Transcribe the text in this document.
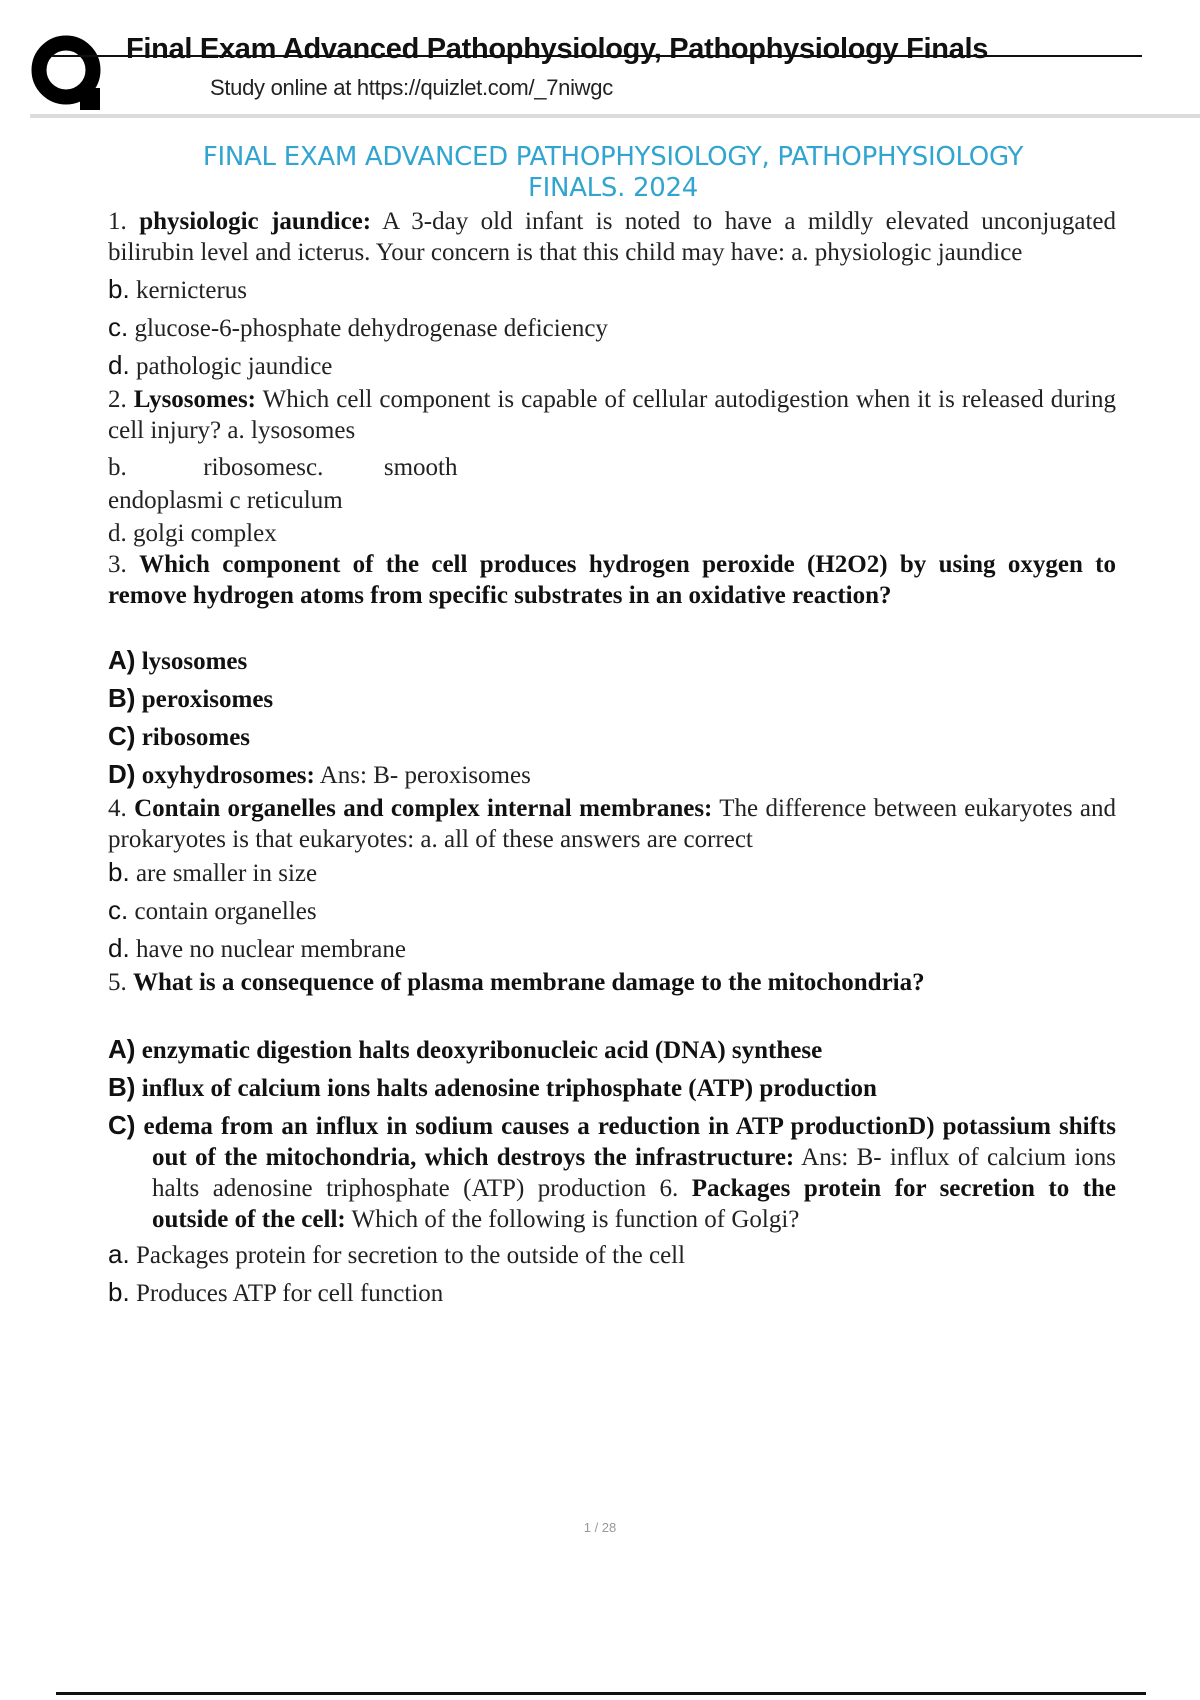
Final Exam Advanced Pathophysiology, Pathophysiology Finals
Study online at https://quizlet.com/_7niwgc
FINAL EXAM ADVANCED PATHOPHYSIOLOGY, PATHOPHYSIOLOGY
FINALS. 2024

1. physiologic jaundice: A 3-day old infant is noted to have a mildly elevated unconjugated bilirubin level and icterus. Your concern is that this child may have: a. physiologic jaundice

b. kernicterus

c. glucose-6-phosphate dehydrogenase deficiency

d. pathologic jaundice

2. Lysosomes: Which cell component is capable of cellular autodigestion when it is released during cell injury? a. lysosomes

b.	ribosomesc. smooth

endoplasmi c reticulum

d. golgi complex

3. Which component of the cell produces hydrogen peroxide (H2O2) by using oxygen to remove hydrogen atoms from specific substrates in an oxidative reaction?

A) lysosomes

B) peroxisomes

C) ribosomes

D) oxyhydrosomes: Ans: B- peroxisomes

4. Contain organelles and complex internal membranes: The difference between eukaryotes and prokaryotes is that eukaryotes: a. all of these answers are correct

b. are smaller in size

c. contain organelles

d. have no nuclear membrane

5. What is a consequence of plasma membrane damage to the mitochondria?

A) enzymatic digestion halts deoxyribonucleic acid (DNA) synthese

B) influx of calcium ions halts adenosine triphosphate (ATP) production

C) edema from an influx in sodium causes a reduction in ATP productionD) potassium shifts out of the mitochondria, which destroys the infrastructure: Ans: B- influx of calcium ions halts adenosine triphosphate (ATP) production 6. Packages protein for secretion to the outside of the cell: Which of the following is function of Golgi?

a. Packages protein for secretion to the outside of the cell

b. Produces ATP for cell function

1 / 28
